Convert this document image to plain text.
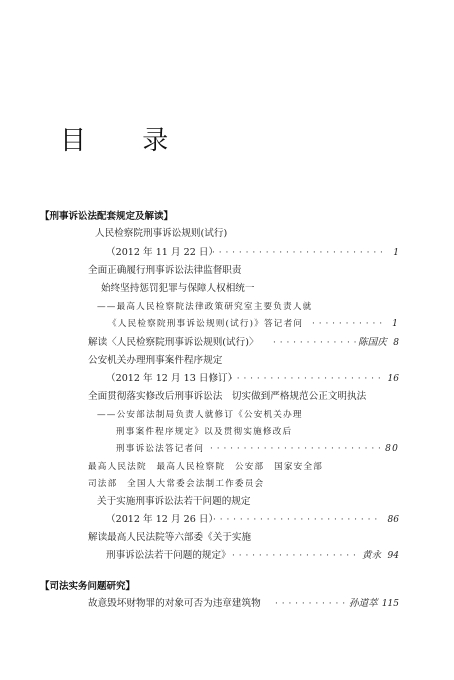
目 录
【刑事诉讼法配套规定及解读】
人民检察院刑事诉讼规则(试行)
（2012 年 11 月 22 日） · · ·	1
全面正确履行刑事诉讼法律监督职责
始终坚持惩罚犯罪与保障人权相统一
——最高人民检察院法律政策研究室主要负责人就
《人民检察院刑事诉讼规则(试行)》答记者问 · · ·	1
解读〈人民检察院刑事诉讼规则(试行)〉 · · ·	陈国庆 8
公安机关办理刑事案件程序规定
（2012 年 12 月 13 日修订） · · ·	16
全面贯彻落实修改后刑事诉讼法　切实做到严格规范公正文明执法
——公安部法制局负责人就修订《公安机关办理
刑事案件程序规定》以及贯彻实施修改后
刑事诉讼法答记者问 · · ·	80
最高人民法院　最高人民检察院　公安部　国家安全部
司法部　全国人大常委会法制工作委员会
关于实施刑事诉讼法若干问题的规定
（2012 年 12 月 26 日） · · ·	86
解读最高人民法院等六部委《关于实施
刑事诉讼法若干问题的规定》 · · ·	黄永 94
【司法实务问题研究】
故意毁坏财物罪的对象可否为违章建筑物 · · ·	孙道萃 115
